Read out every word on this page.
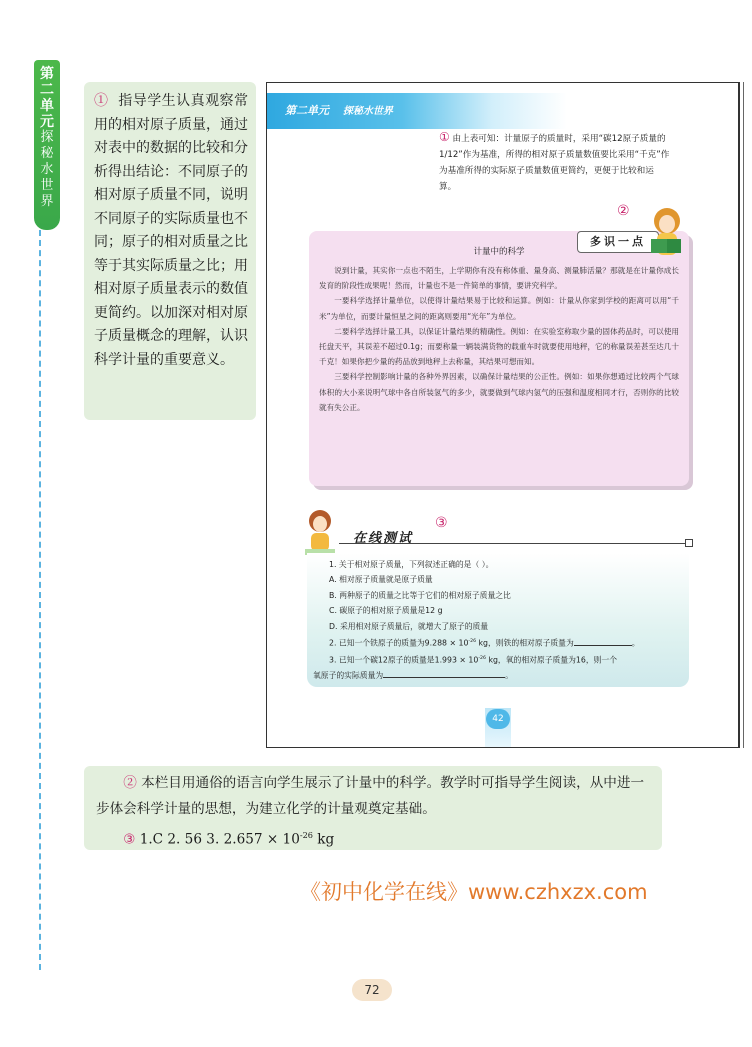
第
二
单
元
探
秘
水
世
界
① 指导学生认真观察常用的相对原子质量，通过对表中的数据的比较和分析得出结论：不同原子的相对原子质量不同，说明不同原子的实际质量也不同；原子的相对质量之比等于其实际质量之比；用相对原子质量表示的数值更简约。以加深对相对原子质量概念的理解，认识科学计量的重要意义。
第二单元 探秘水世界
① 由上表可知：计量原子的质量时，采用“碳12原子质量的1/12”作为基准，所得的相对原子质量数值要比采用“千克”作为基准所得的实际原子质量数值更简约，更便于比较和运算。
②
多识一点
计量中的科学

说到计量，其实你一点也不陌生，上学期你有没有称体重、量身高、测量肺活量？那就是在计量你成长发育的阶段性成果呢！然而，计量也不是一件简单的事情，要讲究科学。

一要科学选择计量单位，以使得计量结果易于比较和运算。例如：计量从你家到学校的距离可以用“千米”为单位，而要计量恒星之间的距离则要用“光年”为单位。

二要科学选择计量工具，以保证计量结果的精确性。例如：在实验室称取少量的固体药品时，可以使用托盘天平，其误差不超过0.1g；而要称量一辆装满货物的载重车时就要使用地秤，它的称量误差甚至达几十千克！如果你把少量的药品放到地秤上去称量，其结果可想而知。

三要科学控制影响计量的各种外界因素，以确保计量结果的公正性。例如：如果你想通过比较两个气球体积的大小来说明气球中各自所装氢气的多少，就要做到气球内氢气的压强和温度相同才行，否则你的比较就有失公正。

在线测试
③
1. 关于相对原子质量，下列叙述正确的是（ ）。
A. 相对原子质量就是原子质量
B. 两种原子的质量之比等于它们的相对原子质量之比
C. 碳原子的相对原子质量是12 g
D. 采用相对原子质量后，就增大了原子的质量
2. 已知一个铁原子的质量为$9.288 \times 10^{-26}$ kg，则铁的相对原子质量为	。
3. 已知一个碳12原子的质量是$1.993 \times 10^{-26}$ kg，氧的相对原子质量为16，则一个
氧原子的实际质量为	。
42

② 本栏目用通俗的语言向学生展示了计量中的科学。教学时可指导学生阅读，从中进一步体会科学计量的思想，为建立化学的计量观奠定基础。

③ 1.C 2. 56 3. $2.657 \times 10^{-26}$ kg

《初中化学在线》www.czhxzx.com
72
